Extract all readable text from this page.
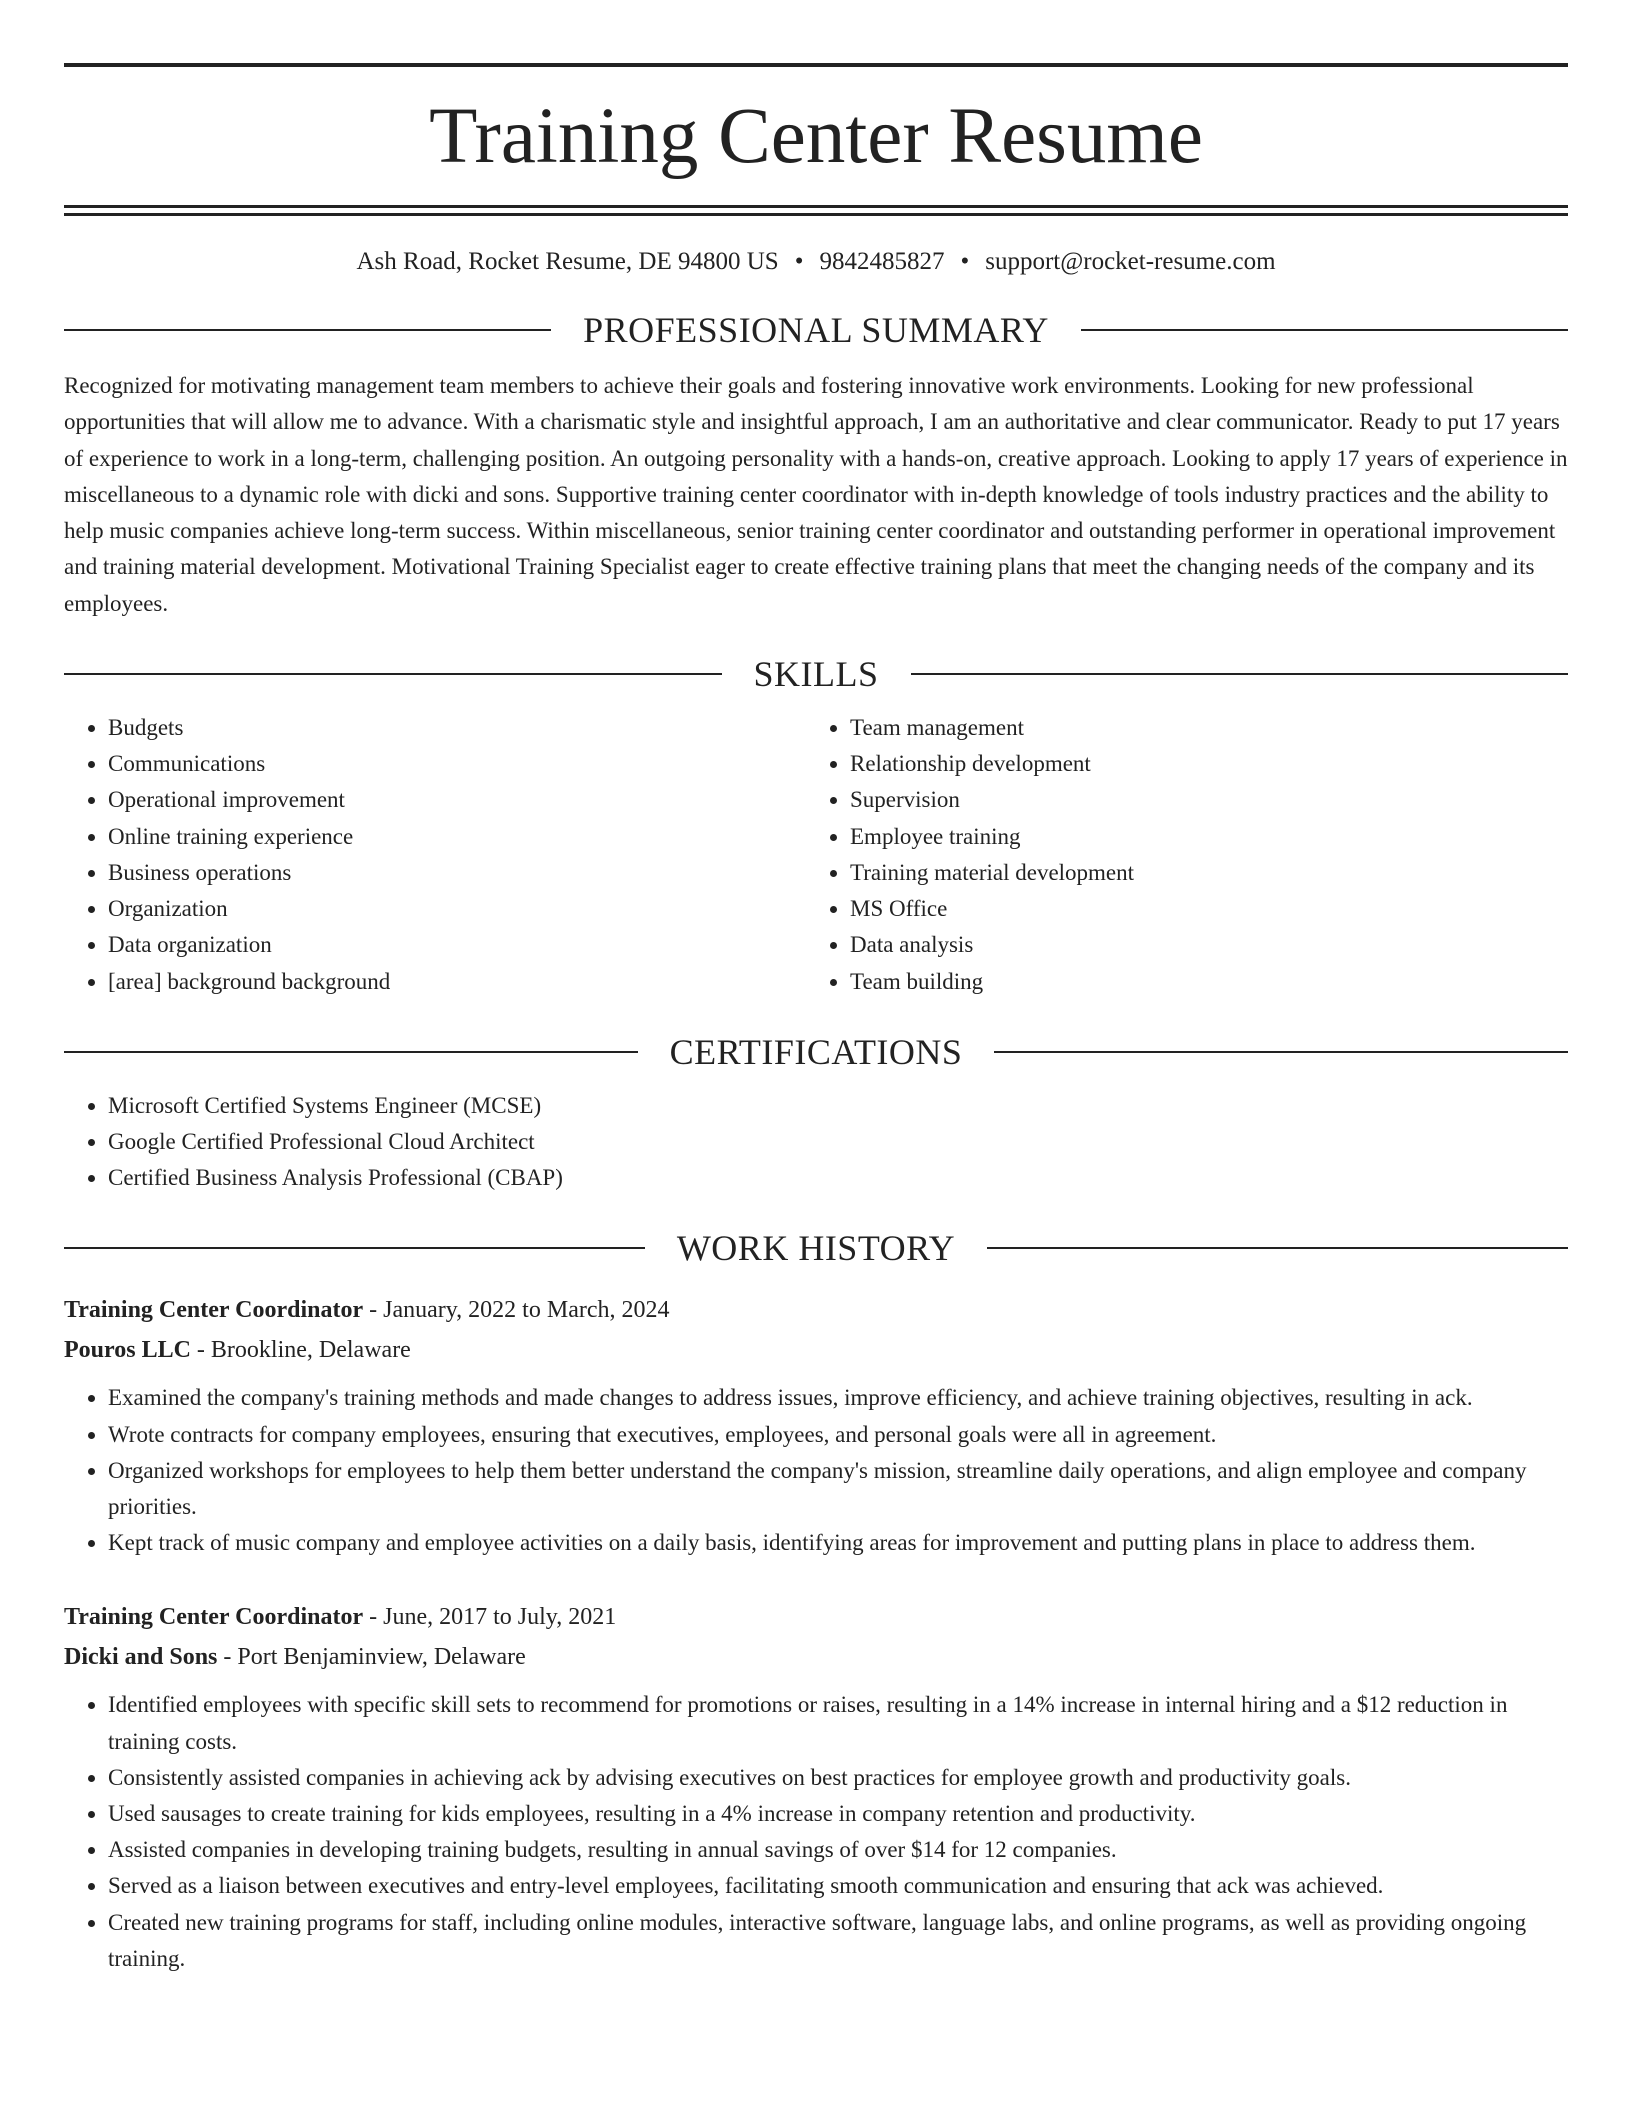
Training Center Resume
Ash Road, Rocket Resume, DE 94800 US • 9842485827 • support@rocket-resume.com
PROFESSIONAL SUMMARY
Recognized for motivating management team members to achieve their goals and fostering innovative work environments. Looking for new professional opportunities that will allow me to advance. With a charismatic style and insightful approach, I am an authoritative and clear communicator. Ready to put 17 years of experience to work in a long-term, challenging position. An outgoing personality with a hands-on, creative approach. Looking to apply 17 years of experience in miscellaneous to a dynamic role with dicki and sons. Supportive training center coordinator with in-depth knowledge of tools industry practices and the ability to help music companies achieve long-term success. Within miscellaneous, senior training center coordinator and outstanding performer in operational improvement and training material development. Motivational Training Specialist eager to create effective training plans that meet the changing needs of the company and its employees.
SKILLS
• Budgets
• Communications
• Operational improvement
• Online training experience
• Business operations
• Organization
• Data organization
• [area] background background
• Team management
• Relationship development
• Supervision
• Employee training
• Training material development
• MS Office
• Data analysis
• Team building
CERTIFICATIONS
• Microsoft Certified Systems Engineer (MCSE)
• Google Certified Professional Cloud Architect
• Certified Business Analysis Professional (CBAP)
WORK HISTORY
Training Center Coordinator - January, 2022 to March, 2024
Pouros LLC - Brookline, Delaware
• Examined the company's training methods and made changes to address issues, improve efficiency, and achieve training objectives, resulting in ack.
• Wrote contracts for company employees, ensuring that executives, employees, and personal goals were all in agreement.
• Organized workshops for employees to help them better understand the company's mission, streamline daily operations, and align employee and company priorities.
• Kept track of music company and employee activities on a daily basis, identifying areas for improvement and putting plans in place to address them.
Training Center Coordinator - June, 2017 to July, 2021
Dicki and Sons - Port Benjaminview, Delaware
• Identified employees with specific skill sets to recommend for promotions or raises, resulting in a 14% increase in internal hiring and a $12 reduction in training costs.
• Consistently assisted companies in achieving ack by advising executives on best practices for employee growth and productivity goals.
• Used sausages to create training for kids employees, resulting in a 4% increase in company retention and productivity.
• Assisted companies in developing training budgets, resulting in annual savings of over $14 for 12 companies.
• Served as a liaison between executives and entry-level employees, facilitating smooth communication and ensuring that ack was achieved.
• Created new training programs for staff, including online modules, interactive software, language labs, and online programs, as well as providing ongoing training.
